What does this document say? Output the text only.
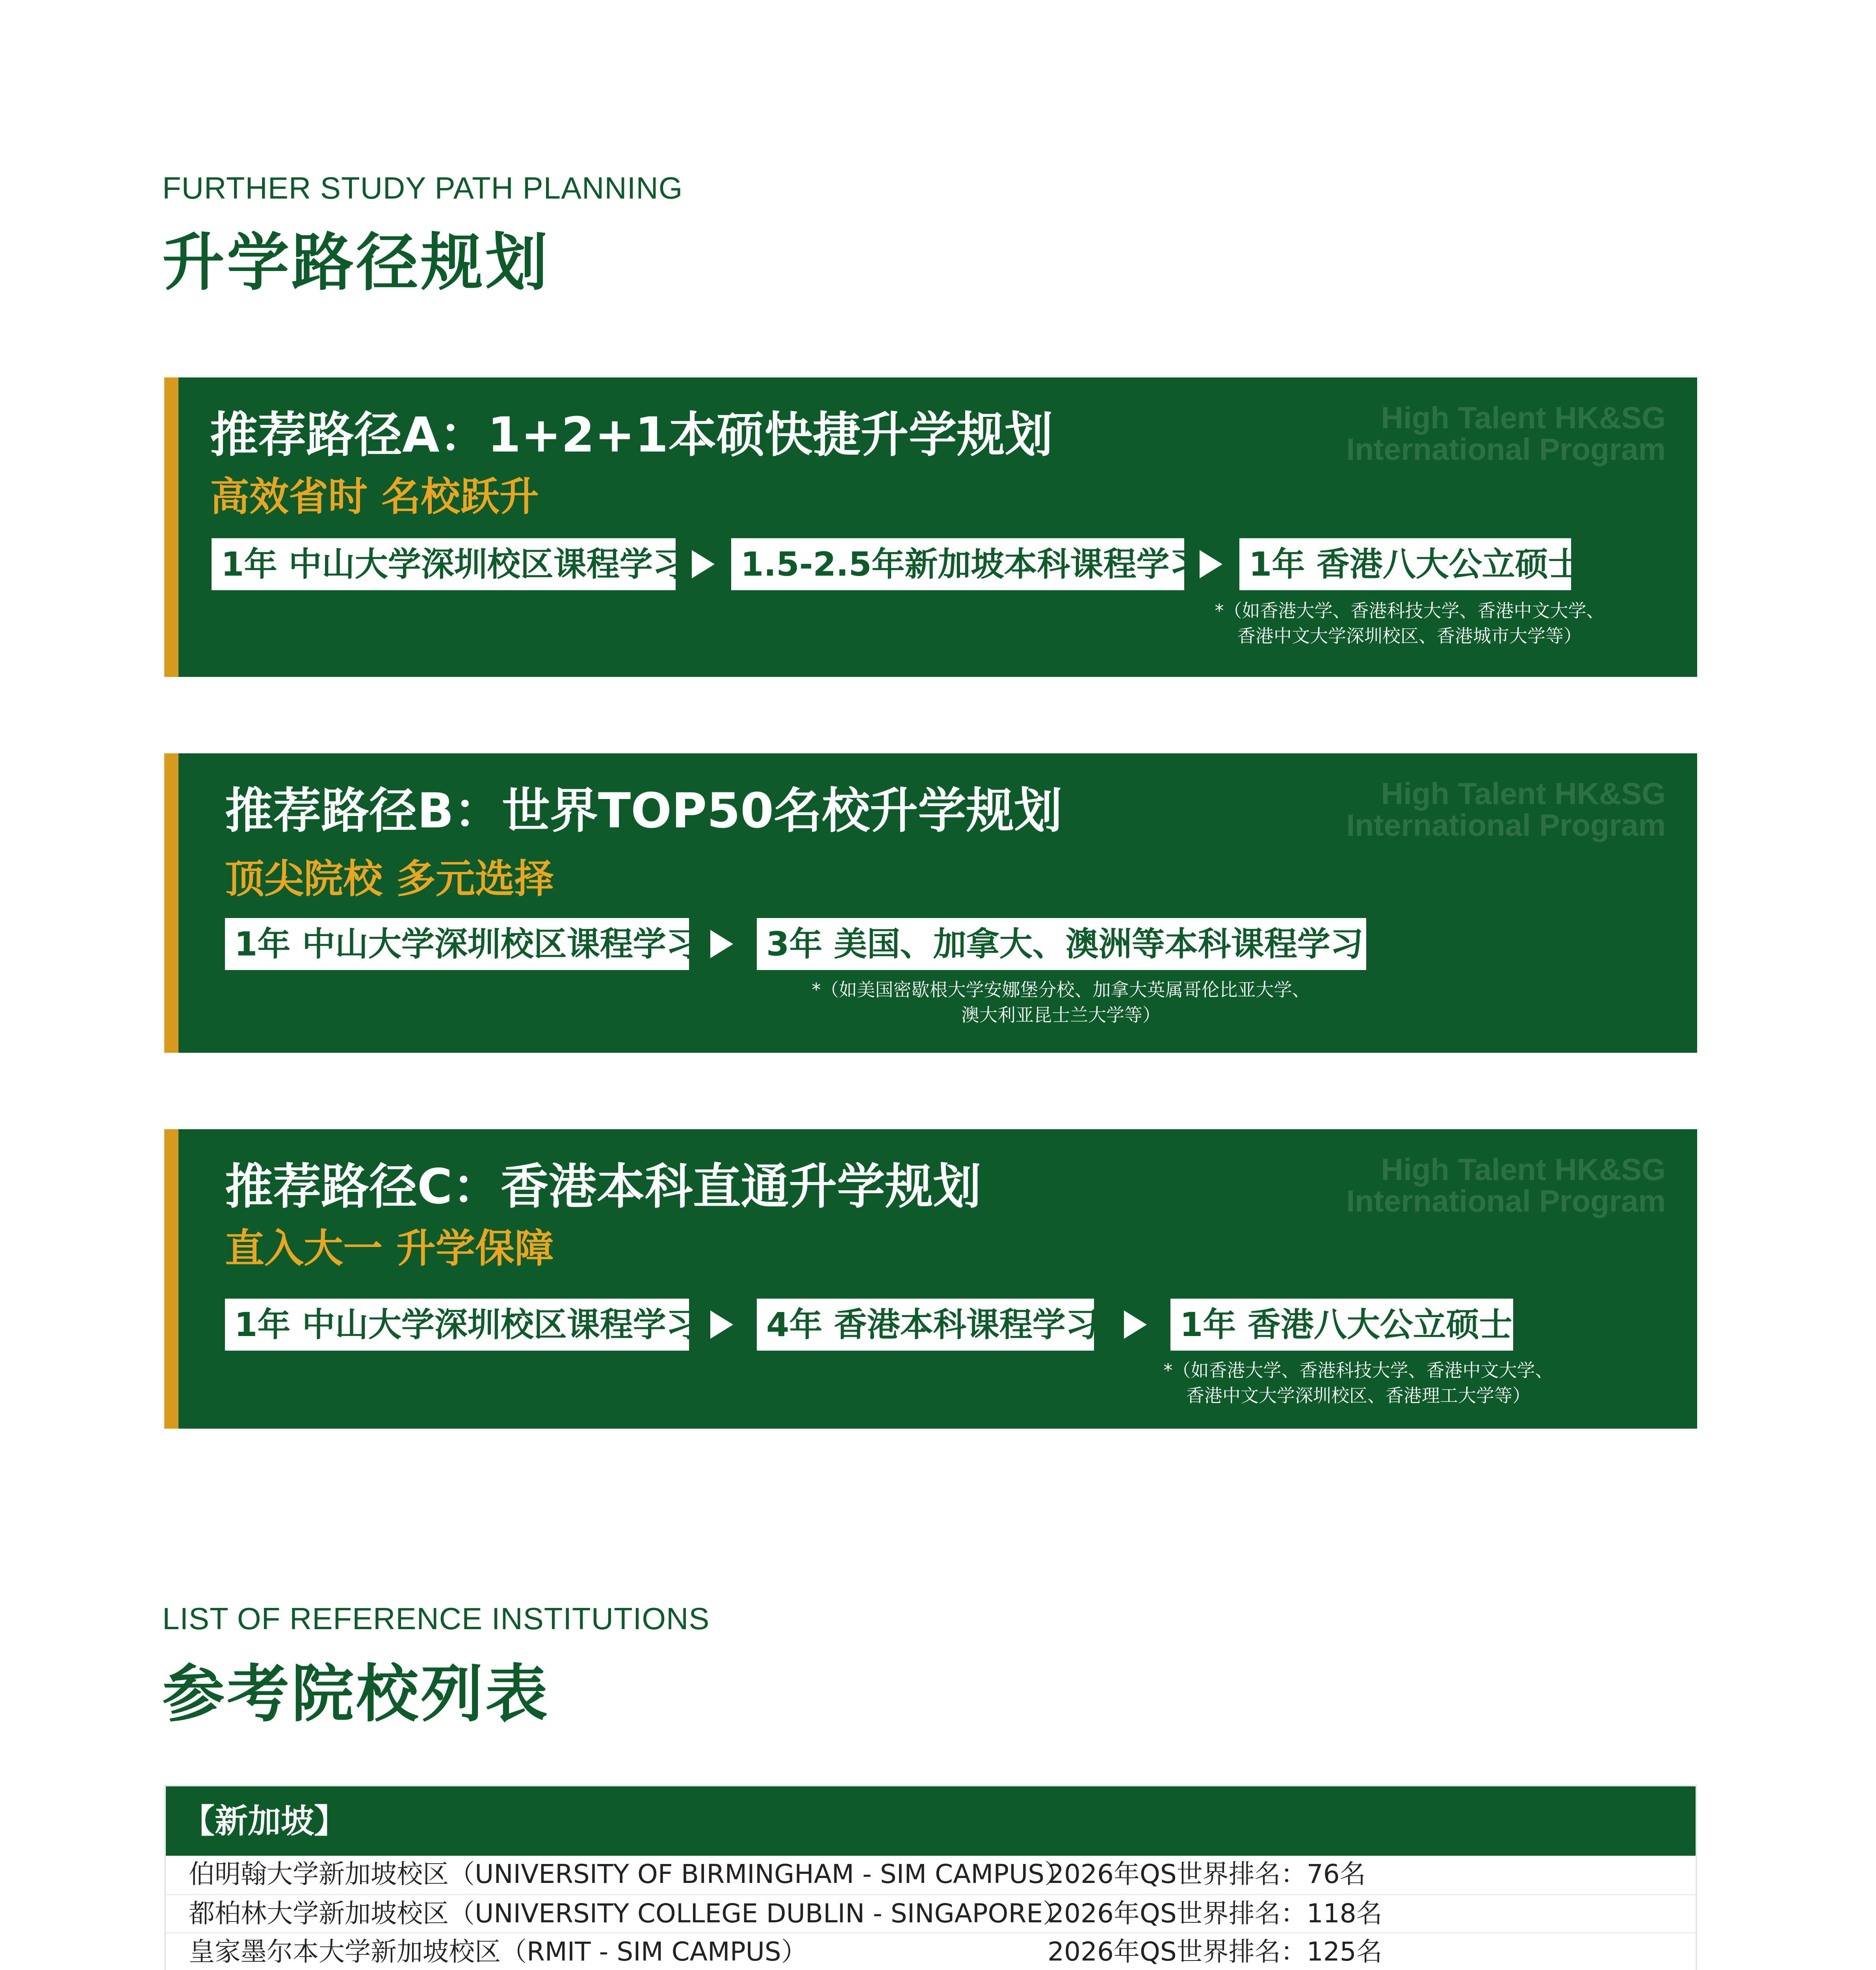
FURTHER STUDY PATH PLANNING
升学路径规划
推荐路径A：1+2+1本硕快捷升学规划
高效省时 名校跃升
High Talent HK&SG
International Program
1年 中山大学深圳校区课程学习 1.5-2.5年新加坡本科课程学习 1年 香港八大公立硕士
*（如香港大学、香港科技大学、香港中文大学、
香港中文大学深圳校区、香港城市大学等）
推荐路径B：世界TOP50名校升学规划
顶尖院校 多元选择
High Talent HK&SG
International Program
1年 中山大学深圳校区课程学习 3年 美国、加拿大、澳洲等本科课程学习
*（如美国密歇根大学安娜堡分校、加拿大英属哥伦比亚大学、
澳大利亚昆士兰大学等）
推荐路径C：香港本科直通升学规划
直入大一 升学保障
High Talent HK&SG
International Program
1年 中山大学深圳校区课程学习 4年 香港本科课程学习 1年 香港八大公立硕士
*（如香港大学、香港科技大学、香港中文大学、
香港中文大学深圳校区、香港理工大学等）
LIST OF REFERENCE INSTITUTIONS
参考院校列表
【新加坡】
伯明翰大学新加坡校区（UNIVERSITY OF BIRMINGHAM - SIM CAMPUS）
2026年QS世界排名：76名
都柏林大学新加坡校区（UNIVERSITY COLLEGE DUBLIN - SINGAPORE）
2026年QS世界排名：118名
皇家墨尔本大学新加坡校区（RMIT - SIM CAMPUS）	2026年QS世界排名：125名
